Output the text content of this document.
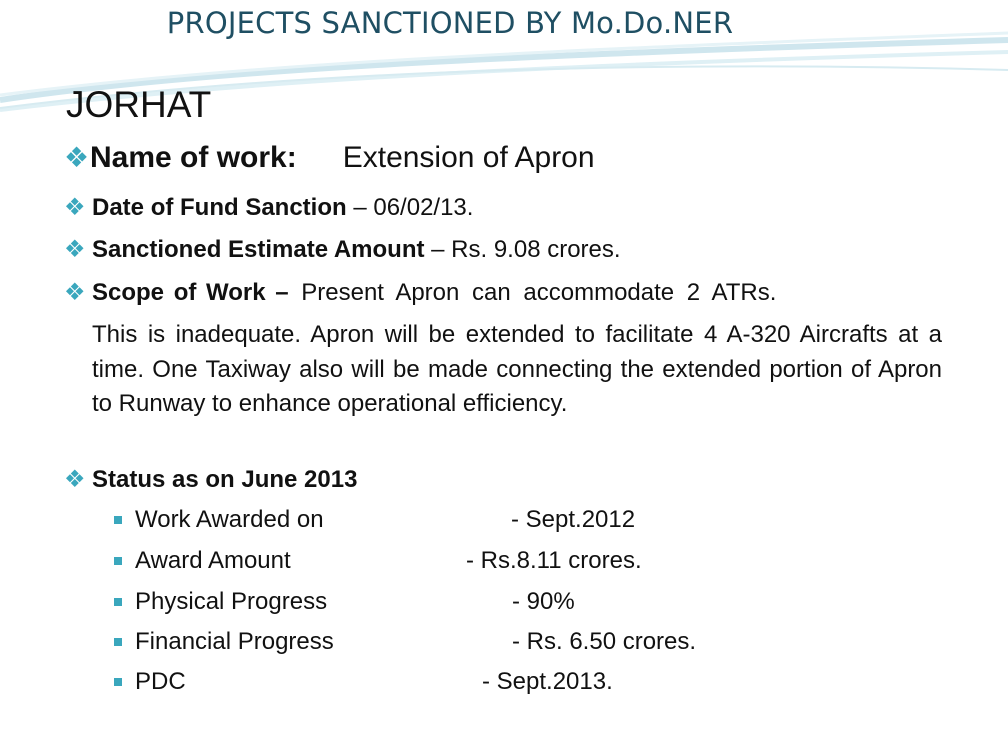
PROJECTS SANCTIONED BY Mo.Do.NER
JORHAT
❖Name of work: Extension of Apron
❖ Date of Fund Sanction – 06/02/13.
❖ Sanctioned Estimate Amount – Rs. 9.08 crores.
❖ Scope of Work – Present Apron can accommodate 2 ATRs.
This is inadequate. Apron will be extended to facilitate 4 A-320 Aircrafts at a time. One Taxiway also will be made connecting the extended portion of Apron to Runway to enhance operational efficiency.
❖ Status as on June 2013
Work Awarded on	- Sept.2012
Award Amount	- Rs.8.11 crores.
Physical Progress	- 90%
Financial Progress	- Rs. 6.50 crores.
PDC	- Sept.2013.
